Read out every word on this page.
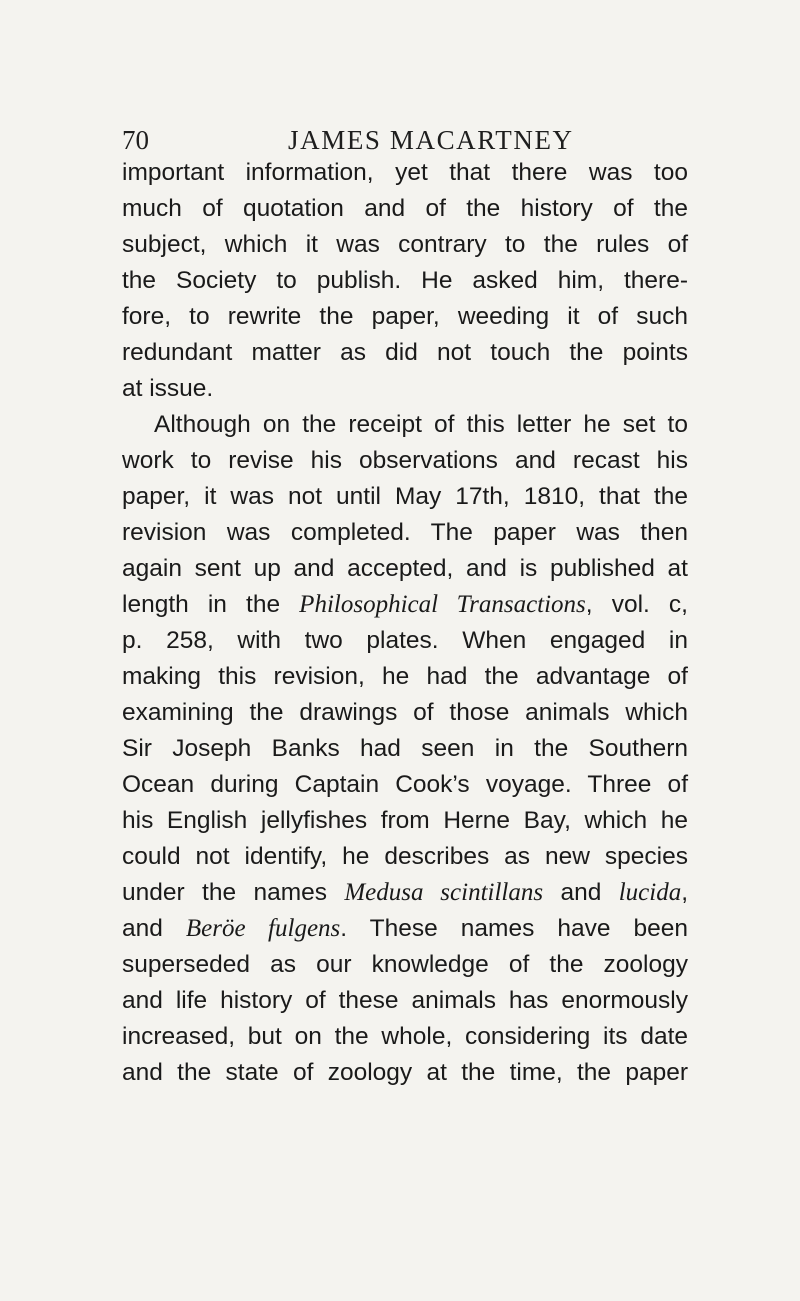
70	JAMES MACARTNEY
important information, yet that there was too
much of quotation and of the history of the
subject, which it was contrary to the rules of
the Society to publish. He asked him, there-
fore, to rewrite the paper, weeding it of such
redundant matter as did not touch the points
at issue.
Although on the receipt of this letter he set to
work to revise his observations and recast his
paper, it was not until May 17th, 1810, that the
revision was completed. The paper was then
again sent up and accepted, and is published at
length in the Philosophical Transactions, vol. c,
p. 258, with two plates. When engaged in
making this revision, he had the advantage of
examining the drawings of those animals which
Sir Joseph Banks had seen in the Southern
Ocean during Captain Cook’s voyage. Three of
his English jellyfishes from Herne Bay, which he
could not identify, he describes as new species
under the names Medusa scintillans and lucida,
and Beröe fulgens. These names have been
superseded as our knowledge of the zoology
and life history of these animals has enormously
increased, but on the whole, considering its date
and the state of zoology at the time, the paper
